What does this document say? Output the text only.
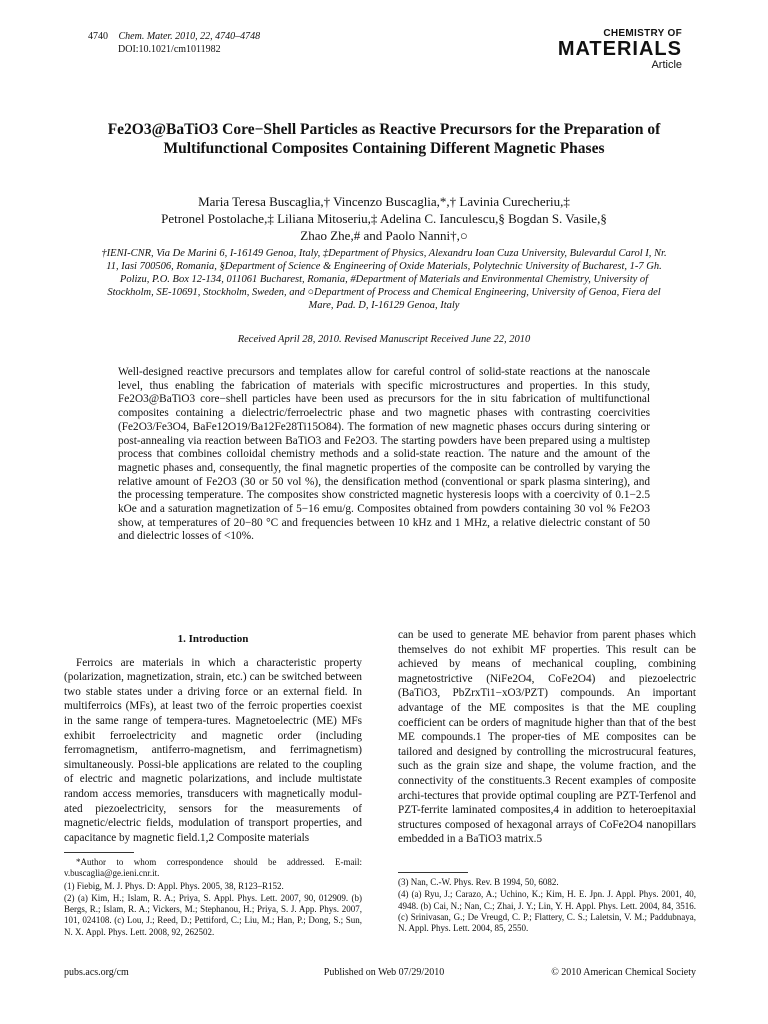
4740 Chem. Mater. 2010, 22, 4740–4748
DOI:10.1021/cm1011982
CHEMISTRY OF
MATERIALS
Article
Fe2O3@BaTiO3 Core−Shell Particles as Reactive Precursors for the Preparation of Multifunctional Composites Containing Different Magnetic Phases
Maria Teresa Buscaglia,† Vincenzo Buscaglia,*,† Lavinia Curecheriu,‡
Petronel Postolache,‡ Liliana Mitoseriu,‡ Adelina C. Ianculescu,§ Bogdan S. Vasile,§
Zhao Zhe,# and Paolo Nanni†,○
†IENI-CNR, Via De Marini 6, I-16149 Genoa, Italy, ‡Department of Physics, Alexandru Ioan Cuza University, Bulevardul Carol I, Nr. 11, Iasi 700506, Romania, §Department of Science & Engineering of Oxide Materials, Polytechnic University of Bucharest, 1-7 Gh. Polizu, P.O. Box 12-134, 011061 Bucharest, Romania, #Department of Materials and Environmental Chemistry, University of Stockholm, SE-10691, Stockholm, Sweden, and ○Department of Process and Chemical Engineering, University of Genoa, Fiera del Mare, Pad. D, I-16129 Genoa, Italy
Received April 28, 2010. Revised Manuscript Received June 22, 2010
Well-designed reactive precursors and templates allow for careful control of solid-state reactions at the nanoscale level, thus enabling the fabrication of materials with specific microstructures and properties. In this study, Fe2O3@BaTiO3 core−shell particles have been used as precursors for the in situ fabrication of multifunctional composites containing a dielectric/ferroelectric phase and two magnetic phases with contrasting coercivities (Fe2O3/Fe3O4, BaFe12O19/Ba12Fe28Ti15O84). The formation of new magnetic phases occurs during sintering or post-annealing via reaction between BaTiO3 and Fe2O3. The starting powders have been prepared using a multistep process that combines colloidal chemistry methods and a solid-state reaction. The nature and the amount of the magnetic phases and, consequently, the final magnetic properties of the composite can be controlled by varying the relative amount of Fe2O3 (30 or 50 vol %), the densification method (conventional or spark plasma sintering), and the processing temperature. The composites show constricted magnetic hysteresis loops with a coercivity of 0.1−2.5 kOe and a saturation magnetization of 5−16 emu/g. Composites obtained from powders containing 30 vol % Fe2O3 show, at temperatures of 20−80 °C and frequencies between 10 kHz and 1 MHz, a relative dielectric constant of 50 and dielectric losses of <10%.
1. Introduction

Ferroics are materials in which a characteristic property (polarization, magnetization, strain, etc.) can be switched between two stable states under a driving force or an external field. In multiferroics (MFs), at least two of the ferroic properties coexist in the same range of tempera-tures. Magnetoelectric (ME) MFs exhibit ferroelectricity and magnetic order (including ferromagnetism, antiferro-magnetism, and ferrimagnetism) simultaneously. Possi-ble applications are related to the coupling of electric and magnetic polarizations, and include multistate random access memories, transducers with magnetically modul-ated piezoelectricity, sensors for the measurements of magnetic/electric fields, modulation of transport properties, and capacitance by magnetic field.1,2 Composite materials

can be used to generate ME behavior from parent phases which themselves do not exhibit MF properties. This result can be achieved by means of mechanical coupling, combining magnetostrictive (NiFe2O4, CoFe2O4) and piezoelectric (BaTiO3, PbZrxTi1−xO3/PZT) compounds. An important advantage of the ME composites is that the ME coupling coefficient can be orders of magnitude higher than that of the best ME compounds.1 The proper-ties of ME composites can be tailored and designed by controlling the microstrucural features, such as the grain size and shape, the volume fraction, and the connectivity of the constituents.3 Recent examples of composite archi-tectures that provide optimal coupling are PZT-Terfenol and PZT-ferrite laminated composites,4 in addition to heteroepitaxial structures composed of hexagonal arrays of CoFe2O4 nanopillars embedded in a BaTiO3 matrix.5

*Author to whom correspondence should be addressed. E-mail: v.buscaglia@ge.ieni.cnr.it.

(1) Fiebig, M. J. Phys. D: Appl. Phys. 2005, 38, R123–R152.

(2) (a) Kim, H.; Islam, R. A.; Priya, S. Appl. Phys. Lett. 2007, 90, 012909. (b) Bergs, R.; Islam, R. A.; Vickers, M.; Stephanou, H.; Priya, S. J. App. Phys. 2007, 101, 024108. (c) Lou, J.; Reed, D.; Pettiford, C.; Liu, M.; Han, P.; Dong, S.; Sun, N. X. Appl. Phys. Lett. 2008, 92, 262502.

(3) Nan, C.-W. Phys. Rev. B 1994, 50, 6082.

(4) (a) Ryu, J.; Carazo, A.; Uchino, K.; Kim, H. E. Jpn. J. Appl. Phys. 2001, 40, 4948. (b) Cai, N.; Nan, C.; Zhai, J. Y.; Lin, Y. H. Appl. Phys. Lett. 2004, 84, 3516. (c) Srinivasan, G.; De Vreugd, C. P.; Flattery, C. S.; Laletsin, V. M.; Paddubnaya, N. Appl. Phys. Lett. 2004, 85, 2550.

pubs.acs.org/cm	Published on Web 07/29/2010	© 2010 American Chemical Society
